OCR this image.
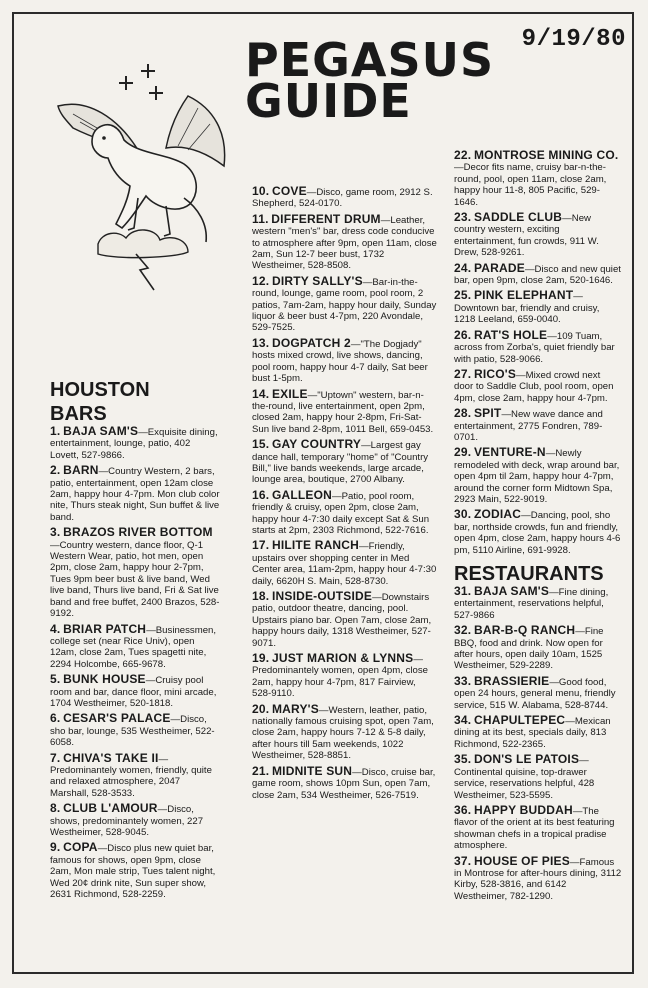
9/19/80
PEGASUS
GUIDE
HOUSTON
BARS

1. BAJA SAM'S—Exquisite dining, entertainment, lounge, patio, 402 Lovett, 527-9866.

2. BARN—Country Western, 2 bars, patio, entertainment, open 12am close 2am, happy hour 4-7pm. Mon club color nite, Thurs steak night, Sun buffet & live band.

3. BRAZOS RIVER BOTTOM—Country western, dance floor, Q-1 Western Wear, patio, hot men, open 2pm, close 2am, happy hour 2-7pm, Tues 9pm beer bust & live band, Wed live band, Thurs live band, Fri & Sat live band and free buffet, 2400 Brazos, 528-9192.

4. BRIAR PATCH—Businessmen, college set (near Rice Univ), open 12am, close 2am, Tues spagetti nite, 2294 Holcombe, 665-9678.

5. BUNK HOUSE—Cruisy pool room and bar, dance floor, mini arcade, 1704 Westheimer, 520-1818.

6. CESAR'S PALACE—Disco, sho bar, lounge, 535 Westheimer, 522-6058.

7. CHIVA'S TAKE II—Predominantely women, friendly, quite and relaxed atmosphere, 2047 Marshall, 528-3533.

8. CLUB L'AMOUR—Disco, shows, predominantely women, 227 Westheimer, 528-9045.

9. COPA—Disco plus new quiet bar, famous for shows, open 9pm, close 2am, Mon male strip, Tues talent night, Wed 20¢ drink nite, Sun super show, 2631 Richmond, 528-2259.

10. COVE—Disco, game room, 2912 S. Shepherd, 524-0170.

11. DIFFERENT DRUM—Leather, western "men's" bar, dress code conducive to atmosphere after 9pm, open 11am, close 2am, Sun 12-7 beer bust, 1732 Westheimer, 528-8508.

12. DIRTY SALLY'S—Bar-in-the-round, lounge, game room, pool room, 2 patios, 7am-2am, happy hour daily, Sunday liquor & beer bust 4-7pm, 220 Avondale, 529-7525.

13. DOGPATCH 2—"The Dogjady" hosts mixed crowd, live shows, dancing, pool room, happy hour 4-7 daily, Sat beer bust 1-5pm.

14. EXILE—"Uptown" western, bar-n-the-round, live entertainment, open 2pm, closed 2am, happy hour 2-8pm, Fri-Sat-Sun live band 2-8pm, 1011 Bell, 659-0453.

15. GAY COUNTRY—Largest gay dance hall, temporary "home" of "Country Bill," live bands weekends, large arcade, lounge area, boutique, 2700 Albany.

16. GALLEON—Patio, pool room, friendly & cruisy, open 2pm, close 2am, happy hour 4-7:30 daily except Sat & Sun starts at 2pm, 2303 Richmond, 522-7616.

17. HILITE RANCH—Friendly, upstairs over shopping center in Med Center area, 11am-2pm, happy hour 4-7:30 daily, 6620H S. Main, 528-8730.

18. INSIDE-OUTSIDE—Downstairs patio, outdoor theatre, dancing, pool. Upstairs piano bar. Open 7am, close 2am, happy hours daily, 1318 Westheimer, 527-9071.

19. JUST MARION & LYNNS—Predominantely women, open 4pm, close 2am, happy hour 4-7pm, 817 Fairview, 528-9110.

20. MARY'S—Western, leather, patio, nationally famous cruising spot, open 7am, close 2am, happy hours 7-12 & 5-8 daily, after hours till 5am weekends, 1022 Westheimer, 528-8851.

21. MIDNITE SUN—Disco, cruise bar, game room, shows 10pm Sun, open 7am, close 2am, 534 Westheimer, 526-7519.

22. MONTROSE MINING CO.—Decor fits name, cruisy bar-n-the-round, pool, open 11am, close 2am, happy hour 11-8, 805 Pacific, 529-1646.

23. SADDLE CLUB—New country western, exciting entertainment, fun crowds, 911 W. Drew, 528-9261.

24. PARADE—Disco and new quiet bar, open 9pm, close 2am, 520-1646.

25. PINK ELEPHANT—Downtown bar, friendly and cruisy, 1218 Leeland, 659-0040.

26. RAT'S HOLE—109 Tuam, across from Zorba's, quiet friendly bar with patio, 528-9066.

27. RICO'S—Mixed crowd next door to Saddle Club, pool room, open 4pm, close 2am, happy hour 4-7pm.

28. SPIT—New wave dance and entertainment, 2775 Fondren, 789-0701.

29. VENTURE-N—Newly remodeled with deck, wrap around bar, open 4pm til 2am, happy hour 4-7pm, around the corner form Midtown Spa, 2923 Main, 522-9019.

30. ZODIAC—Dancing, pool, sho bar, northside crowds, fun and friendly, open 4pm, close 2am, happy hours 4-6 pm, 5110 Airline, 691-9928.

RESTAURANTS

31. BAJA SAM'S—Fine dining, entertainment, reservations helpful, 527-9866

32. BAR-B-Q RANCH—Fine BBQ, food and drink. Now open for after hours, open daily 10am, 1525 Westheimer, 529-2289.

33. BRASSIERIE—Good food, open 24 hours, general menu, friendly service, 515 W. Alabama, 528-8744.

34. CHAPULTEPEC—Mexican dining at its best, specials daily, 813 Richmond, 522-2365.

35. DON'S LE PATOIS—Continental quisine, top-drawer service, reservations helpful, 428 Westheimer, 523-5595.

36. HAPPY BUDDAH—The flavor of the orient at its best featuring showman chefs in a tropical pradise atmosphere.

37. HOUSE OF PIES—Famous in Montrose for after-hours dining, 3112 Kirby, 528-3816, and 6142 Westheimer, 782-1290.
